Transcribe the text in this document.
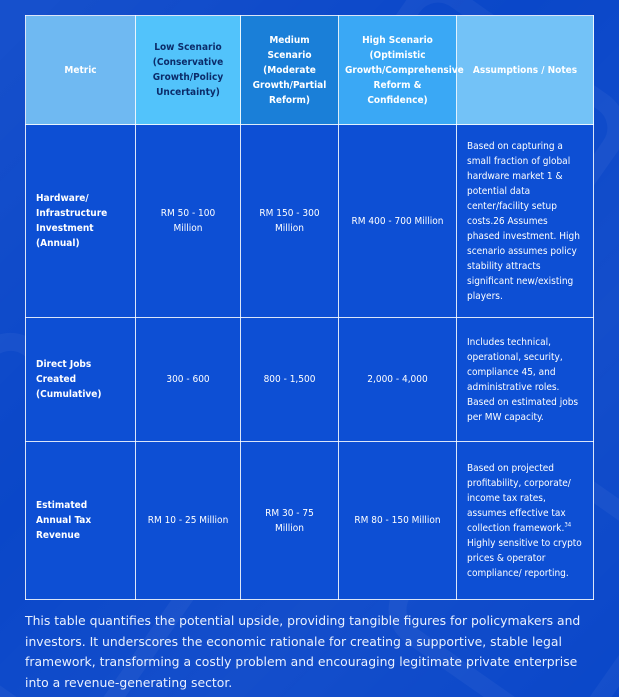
Metric	Low Scenario (Conservative Growth/Policy Uncertainty)	Medium Scenario (Moderate Growth/Partial Reform)	High Scenario (Optimistic Growth/Comprehensive Reform & Confidence)	Assumptions / Notes
Hardware/ Infrastructure Investment (Annual)	RM 50 - 100 Million	RM 150 - 300 Million	RM 400 - 700 Million	Based on capturing a small fraction of global hardware market 1 & potential data center/facility setup costs.26 Assumes phased investment. High scenario assumes policy stability attracts significant new/existing players.
Direct Jobs Created (Cumulative)	300 - 600	800 - 1,500	2,000 - 4,000	Includes technical, operational, security, compliance 45, and administrative roles. Based on estimated jobs per MW capacity.
Estimated Annual Tax Revenue	RM 10 - 25 Million	RM 30 - 75 Million	RM 80 - 150 Million	Based on projected profitability, corporate/ income tax rates, assumes effective tax collection framework.$^{34}$ Highly sensitive to crypto prices & operator compliance/ reporting.

This table quantifies the potential upside, providing tangible figures for policymakers and investors. It underscores the economic rationale for creating a supportive, stable legal framework, transforming a costly problem and encouraging legitimate private enterprise into a revenue-generating sector.
